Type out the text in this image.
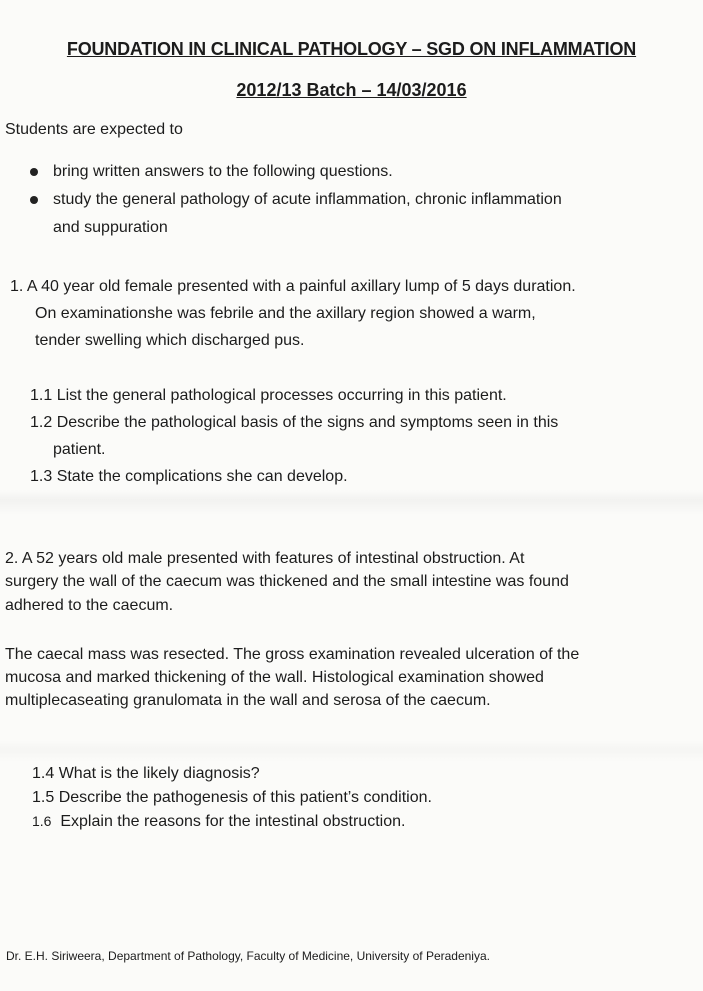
FOUNDATION IN CLINICAL PATHOLOGY – SGD ON INFLAMMATION
2012/13 Batch – 14/03/2016
Students are expected to
bring written answers to the following questions.
study the general pathology of acute inflammation, chronic inflammation
and suppuration
1. A 40 year old female presented with a painful axillary lump of 5 days duration.
On examinationshe was febrile and the axillary region showed a warm,
tender swelling which discharged pus.
1.1 List the general pathological processes occurring in this patient.
1.2 Describe the pathological basis of the signs and symptoms seen in this
patient.
1.3 State the complications she can develop.
2. A 52 years old male presented with features of intestinal obstruction. At
surgery the wall of the caecum was thickened and the small intestine was found
adhered to the caecum.
The caecal mass was resected. The gross examination revealed ulceration of the
mucosa and marked thickening of the wall. Histological examination showed
multiplecaseating granulomata in the wall and serosa of the caecum.
1.4 What is the likely diagnosis?
1.5 Describe the pathogenesis of this patient’s condition.
1.6 Explain the reasons for the intestinal obstruction.
Dr. E.H. Siriweera, Department of Pathology, Faculty of Medicine, University of Peradeniya.
